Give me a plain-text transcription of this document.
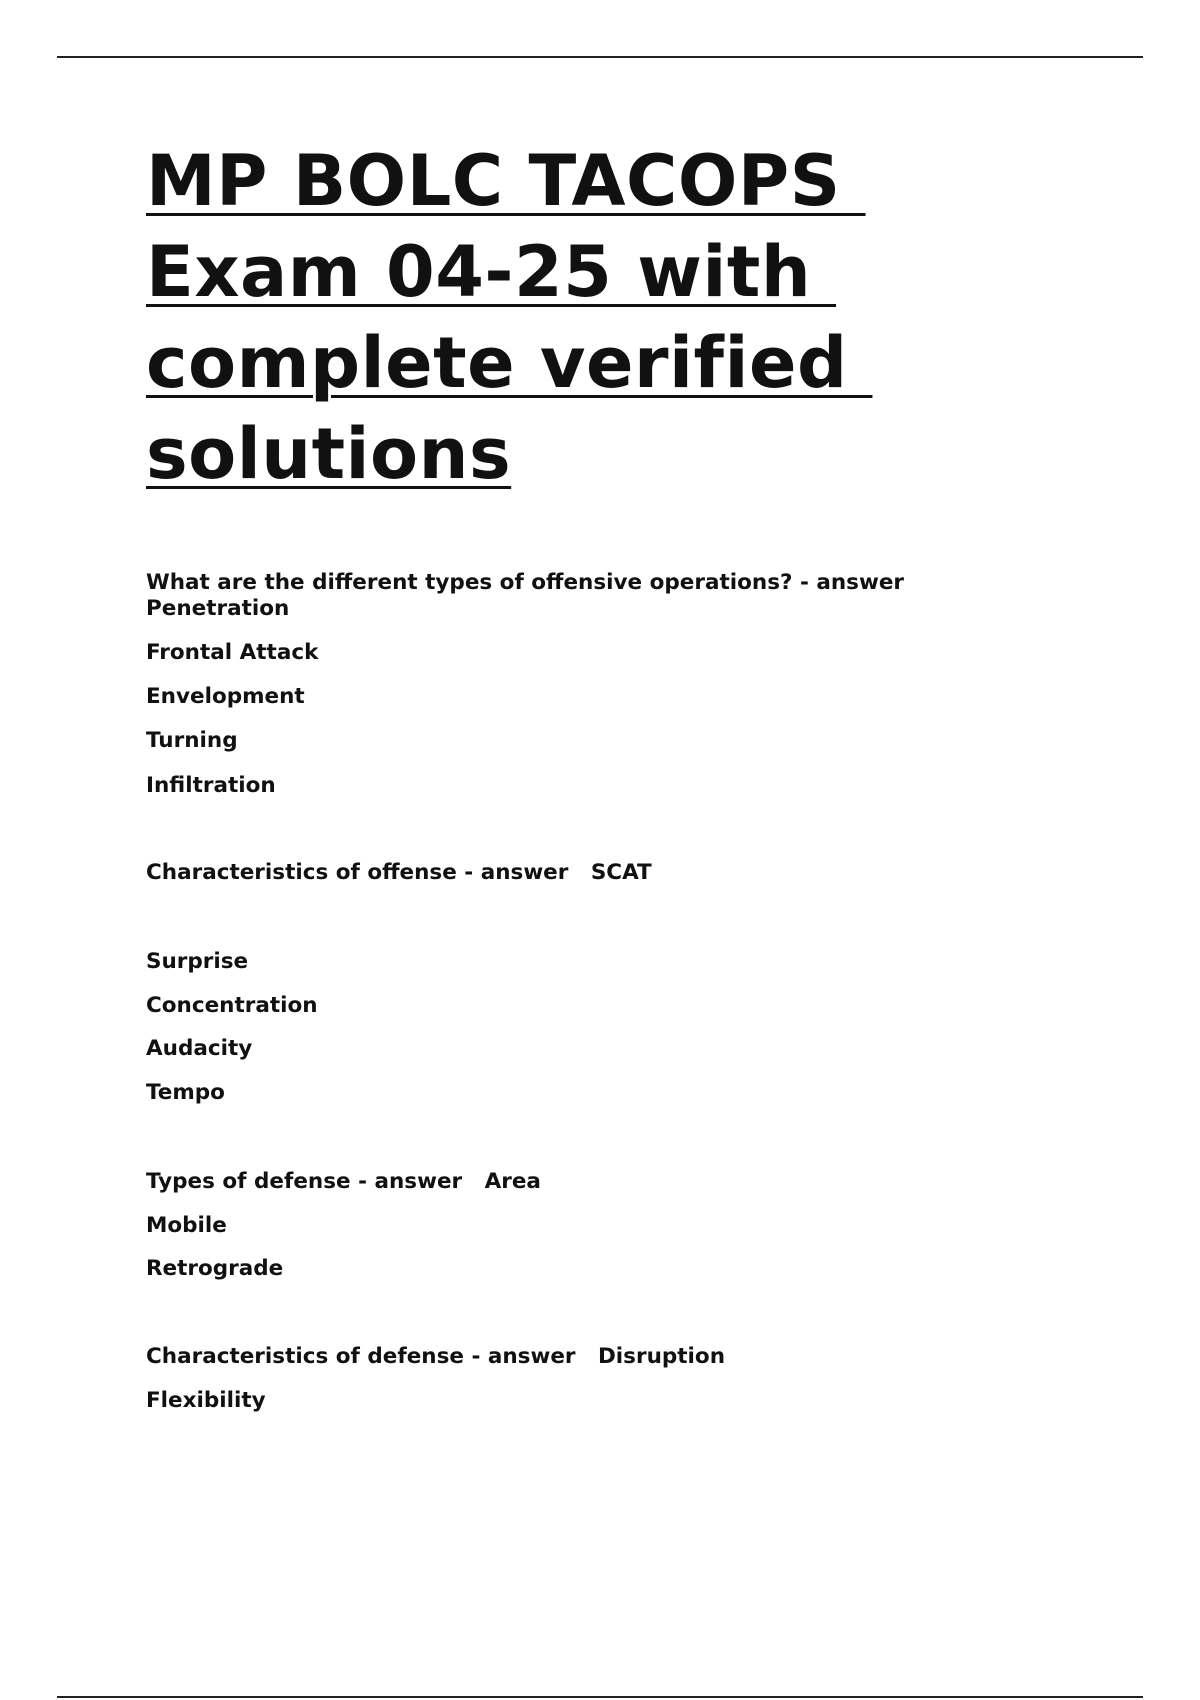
MP BOLC TACOPS
Exam 04-25 with
complete verified
solutions

What are the different types of offensive operations? - answer

Penetration

Frontal Attack

Envelopment

Turning

Infiltration

Characteristics of offense - answer   SCAT

Surprise

Concentration

Audacity

Tempo

Types of defense - answer   Area

Mobile

Retrograde

Characteristics of defense - answer   Disruption

Flexibility
